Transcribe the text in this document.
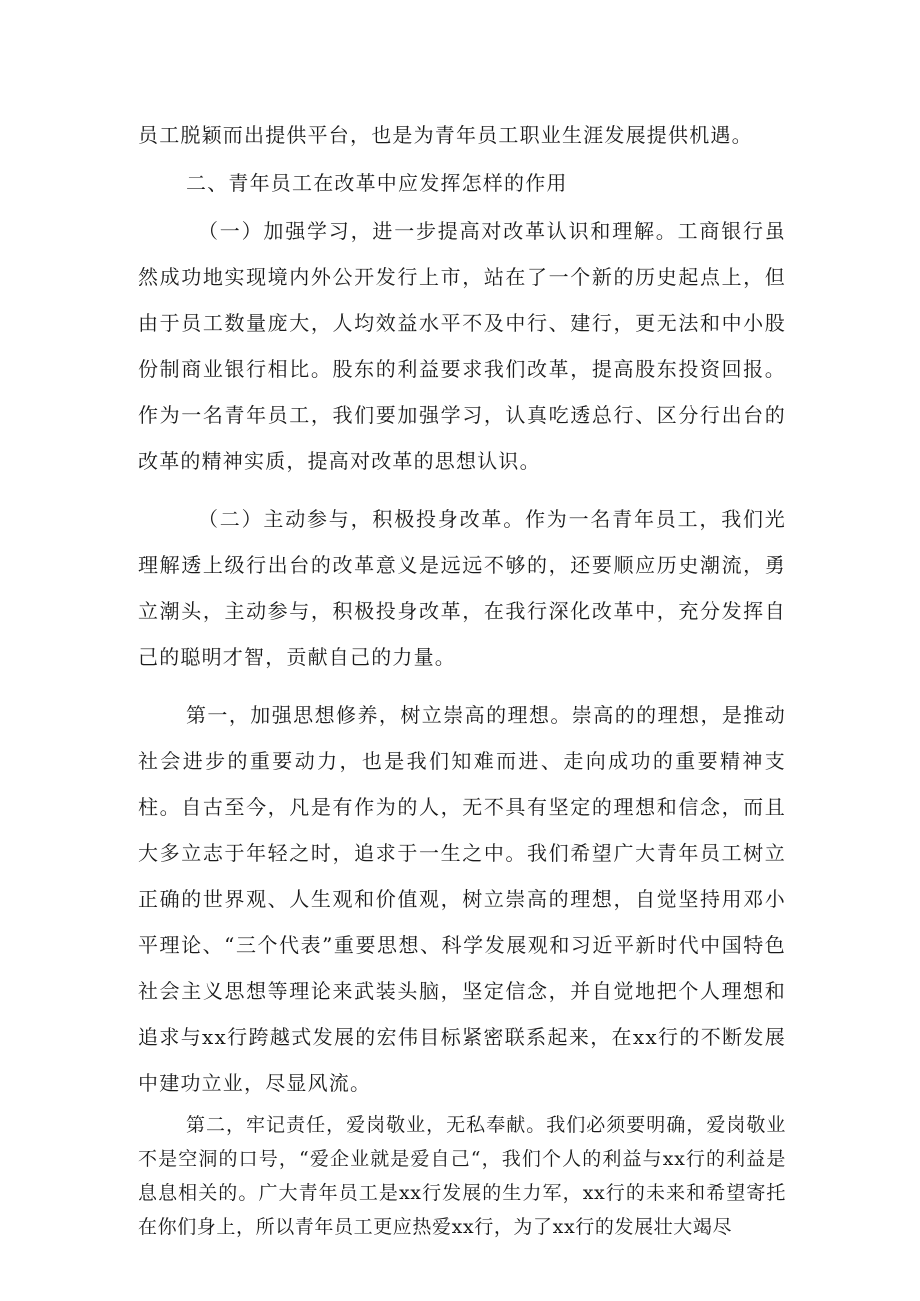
员工脱颖而出提供平台，也是为青年员工职业生涯发展提供机遇。

二、青年员工在改革中应发挥怎样的作用

（一）加强学习，进一步提高对改革认识和理解。工商银行虽然成功地实现境内外公开发行上市，站在了一个新的历史起点上，但由于员工数量庞大，人均效益水平不及中行、建行，更无法和中小股份制商业银行相比。股东的利益要求我们改革，提高股东投资回报。作为一名青年员工，我们要加强学习，认真吃透总行、区分行出台的改革的精神实质，提高对改革的思想认识。

（二）主动参与，积极投身改革。作为一名青年员工，我们光理解透上级行出台的改革意义是远远不够的，还要顺应历史潮流，勇立潮头，主动参与，积极投身改革，在我行深化改革中，充分发挥自己的聪明才智，贡献自己的力量。

第一，加强思想修养，树立崇高的理想。崇高的的理想，是推动社会进步的重要动力，也是我们知难而进、走向成功的重要精神支柱。自古至今，凡是有作为的人，无不具有坚定的理想和信念，而且大多立志于年轻之时，追求于一生之中。我们希望广大青年员工树立正确的世界观、人生观和价值观，树立崇高的理想，自觉坚持用邓小平理论、“三个代表”重要思想、科学发展观和习近平新时代中国特色社会主义思想等理论来武装头脑，坚定信念，并自觉地把个人理想和追求与xx行跨越式发展的宏伟目标紧密联系起来，在xx行的不断发展中建功立业，尽显风流。

第二，牢记责任，爱岗敬业，无私奉献。我们必须要明确，爱岗敬业不是空洞的口号，“爱企业就是爱自己“，我们个人的利益与xx行的利益是息息相关的。广大青年员工是xx行发展的生力军，xx行的未来和希望寄托在你们身上，所以青年员工更应热爱xx行，为了xx行的发展壮大竭尽
